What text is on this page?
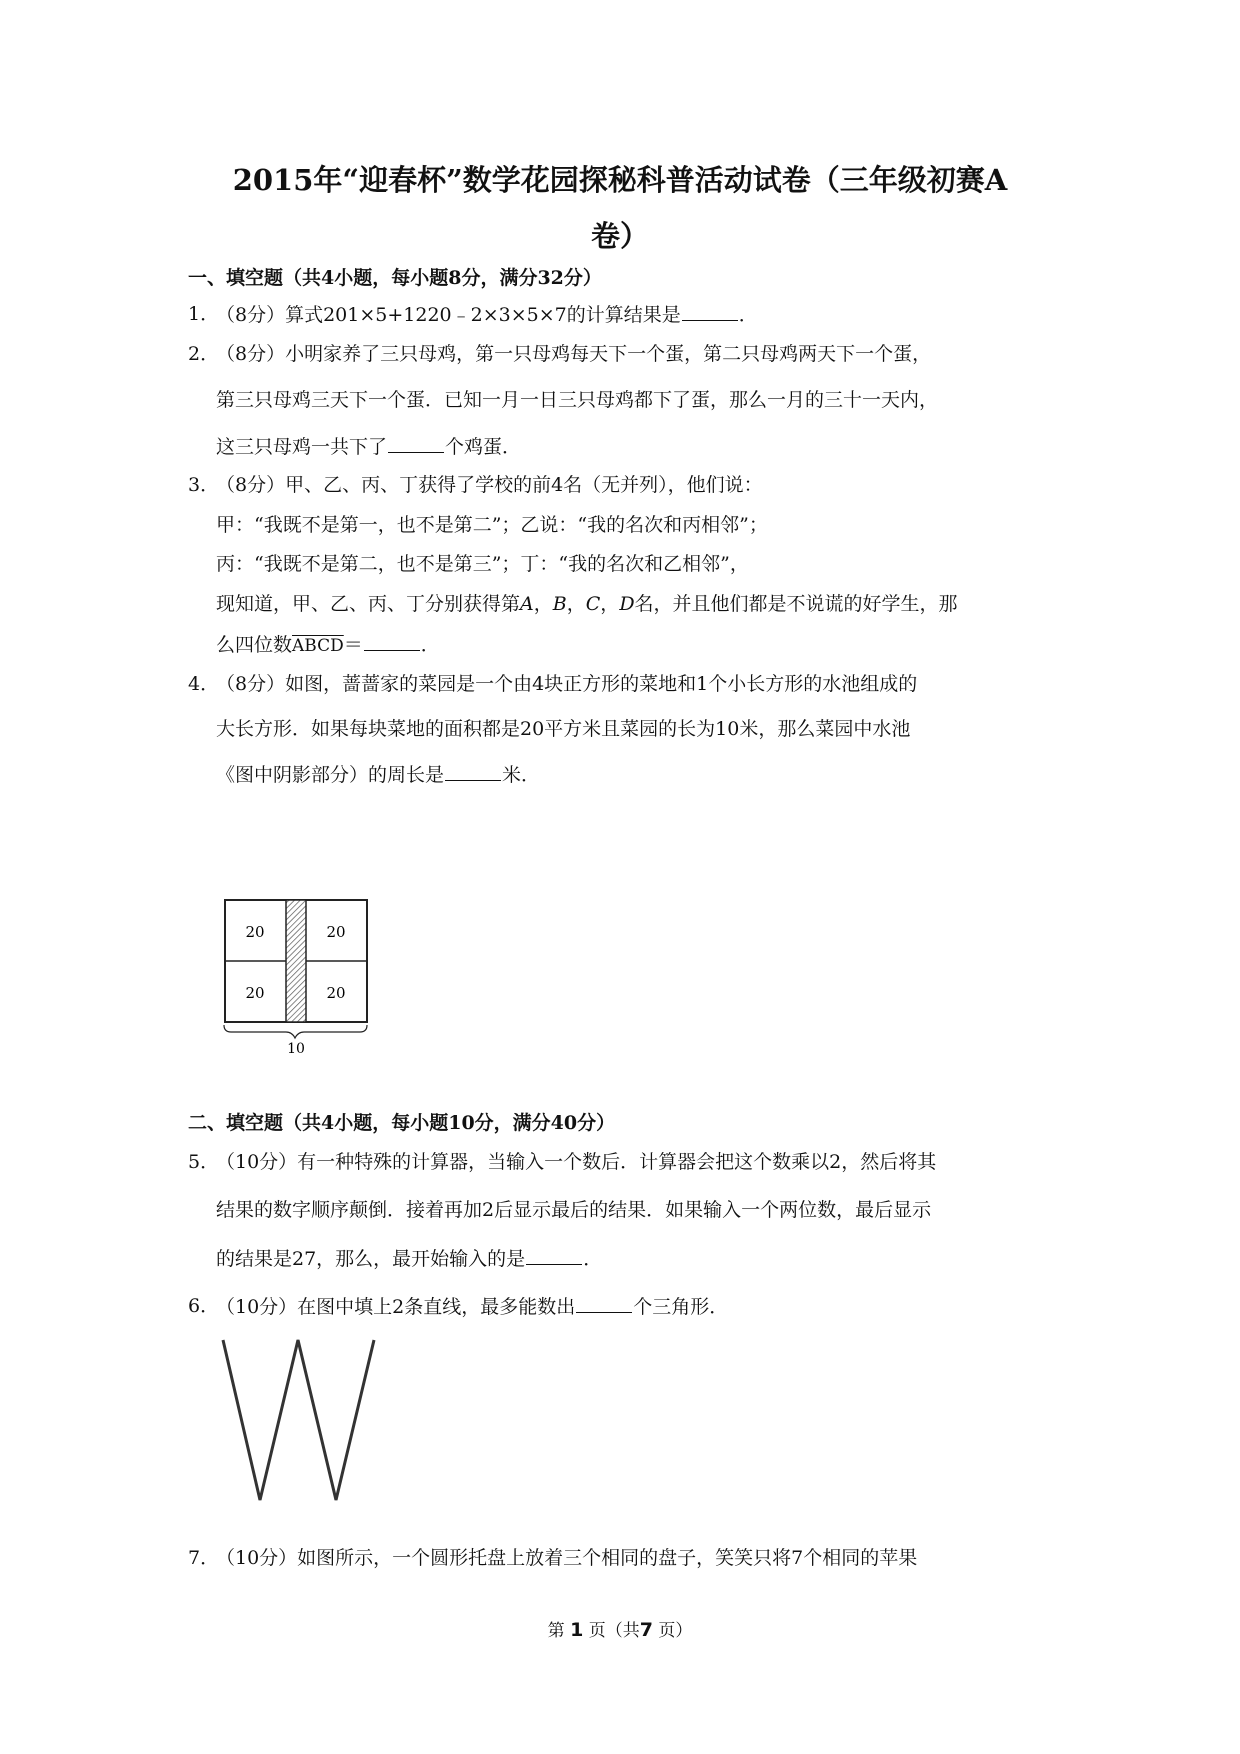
2015年“迎春杯”数学花园探秘科普活动试卷（三年级初赛A
卷）
一、填空题（共4小题，每小题8分，满分32分）
1．
（8分）算式201×5+1220﹣2×3×5×7的计算结果是	．
2．
（8分）小明家养了三只母鸡，第一只母鸡每天下一个蛋，第二只母鸡两天下一个蛋，
第三只母鸡三天下一个蛋．已知一月一日三只母鸡都下了蛋，那么一月的三十一天内，
这三只母鸡一共下了	个鸡蛋．
3．
（8分）甲、乙、丙、丁获得了学校的前4名（无并列），他们说：
甲：“我既不是第一，也不是第二”；乙说：“我的名次和丙相邻”；
丙：“我既不是第二，也不是第三”；丁：“我的名次和乙相邻”，
现知道，甲、乙、丙、丁分别获得第A，B，C，D名，并且他们都是不说谎的好学生，那
么四位数ABCD＝	．
4．
（8分）如图，蔷蔷家的菜园是一个由4块正方形的菜地和1个小长方形的水池组成的
大长方形．如果每块菜地的面积都是20平方米且菜园的长为10米，那么菜园中水池
《图中阴影部分）的周长是	米．
20	20
20	20
10
二、填空题（共4小题，每小题10分，满分40分）
5．
（10分）有一种特殊的计算器，当输入一个数后．计算器会把这个数乘以2，然后将其
结果的数字顺序颠倒．接着再加2后显示最后的结果．如果输入一个两位数，最后显示
的结果是27，那么，最开始输入的是	．
6．
（10分）在图中填上2条直线，最多能数出	个三角形．
7．
（10分）如图所示，一个圆形托盘上放着三个相同的盘子，笑笑只将7个相同的苹果
第 1 页（共7 页）
